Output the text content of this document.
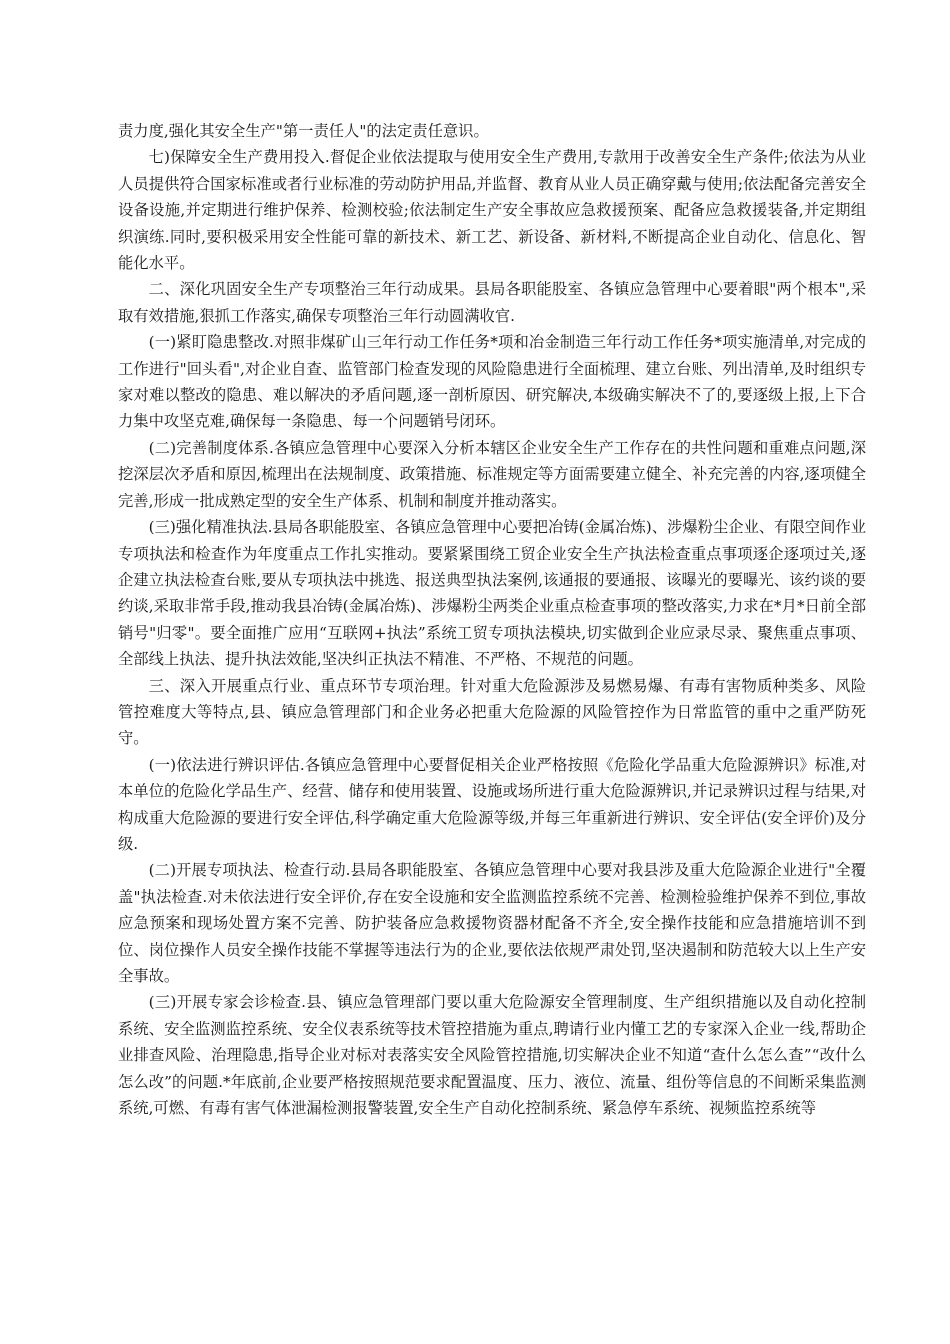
责力度,强化其安全生产"第一责任人"的法定责任意识。

七)保障安全生产费用投入.督促企业依法提取与使用安全生产费用,专款用于改善安全生产条件;依法为从业人员提供符合国家标准或者行业标准的劳动防护用品,并监督、教育从业人员正确穿戴与使用;依法配备完善安全设备设施,并定期进行维护保养、检测校验;依法制定生产安全事故应急救援预案、配备应急救援装备,并定期组织演练.同时,要积极采用安全性能可靠的新技术、新工艺、新设备、新材料,不断提高企业自动化、信息化、智能化水平。

二、深化巩固安全生产专项整治三年行动成果。县局各职能股室、各镇应急管理中心要着眼"两个根本",采取有效措施,狠抓工作落实,确保专项整治三年行动圆满收官.

(一)紧盯隐患整改.对照非煤矿山三年行动工作任务*项和冶金制造三年行动工作任务*项实施清单,对完成的工作进行"回头看",对企业自查、监管部门检查发现的风险隐患进行全面梳理、建立台账、列出清单,及时组织专家对难以整改的隐患、难以解决的矛盾问题,逐一剖析原因、研究解决,本级确实解决不了的,要逐级上报,上下合力集中攻坚克难,确保每一条隐患、每一个问题销号闭环。

(二)完善制度体系.各镇应急管理中心要深入分析本辖区企业安全生产工作存在的共性问题和重难点问题,深挖深层次矛盾和原因,梳理出在法规制度、政策措施、标准规定等方面需要建立健全、补充完善的内容,逐项健全完善,形成一批成熟定型的安全生产体系、机制和制度并推动落实。

(三)强化精准执法.县局各职能股室、各镇应急管理中心要把冶铸(金属冶炼)、涉爆粉尘企业、有限空间作业专项执法和检查作为年度重点工作扎实推动。要紧紧围绕工贸企业安全生产执法检查重点事项逐企逐项过关,逐企建立执法检查台账,要从专项执法中挑选、报送典型执法案例,该通报的要通报、该曝光的要曝光、该约谈的要约谈,采取非常手段,推动我县冶铸(金属冶炼)、涉爆粉尘两类企业重点检查事项的整改落实,力求在*月*日前全部销号"归零"。要全面推广应用“互联网+执法”系统工贸专项执法模块,切实做到企业应录尽录、聚焦重点事项、全部线上执法、提升执法效能,坚决纠正执法不精准、不严格、不规范的问题。

三、深入开展重点行业、重点环节专项治理。针对重大危险源涉及易燃易爆、有毒有害物质种类多、风险管控难度大等特点,县、镇应急管理部门和企业务必把重大危险源的风险管控作为日常监管的重中之重严防死守。

(一)依法进行辨识评估.各镇应急管理中心要督促相关企业严格按照《危险化学品重大危险源辨识》标准,对本单位的危险化学品生产、经营、储存和使用装置、设施或场所进行重大危险源辨识,并记录辨识过程与结果,对构成重大危险源的要进行安全评估,科学确定重大危险源等级,并每三年重新进行辨识、安全评估(安全评价)及分级.

(二)开展专项执法、检查行动.县局各职能股室、各镇应急管理中心要对我县涉及重大危险源企业进行"全覆盖"执法检查.对未依法进行安全评价,存在安全设施和安全监测监控系统不完善、检测检验维护保养不到位,事故应急预案和现场处置方案不完善、防护装备应急救援物资器材配备不齐全,安全操作技能和应急措施培训不到位、岗位操作人员安全操作技能不掌握等违法行为的企业,要依法依规严肃处罚,坚决遏制和防范较大以上生产安全事故。

(三)开展专家会诊检查.县、镇应急管理部门要以重大危险源安全管理制度、生产组织措施以及自动化控制系统、安全监测监控系统、安全仪表系统等技术管控措施为重点,聘请行业内懂工艺的专家深入企业一线,帮助企业排查风险、治理隐患,指导企业对标对表落实安全风险管控措施,切实解决企业不知道“查什么怎么查”“改什么怎么改”的问题.*年底前,企业要严格按照规范要求配置温度、压力、液位、流量、组份等信息的不间断采集监测系统,可燃、有毒有害气体泄漏检测报警装置,安全生产自动化控制系统、紧急停车系统、视频监控系统等
